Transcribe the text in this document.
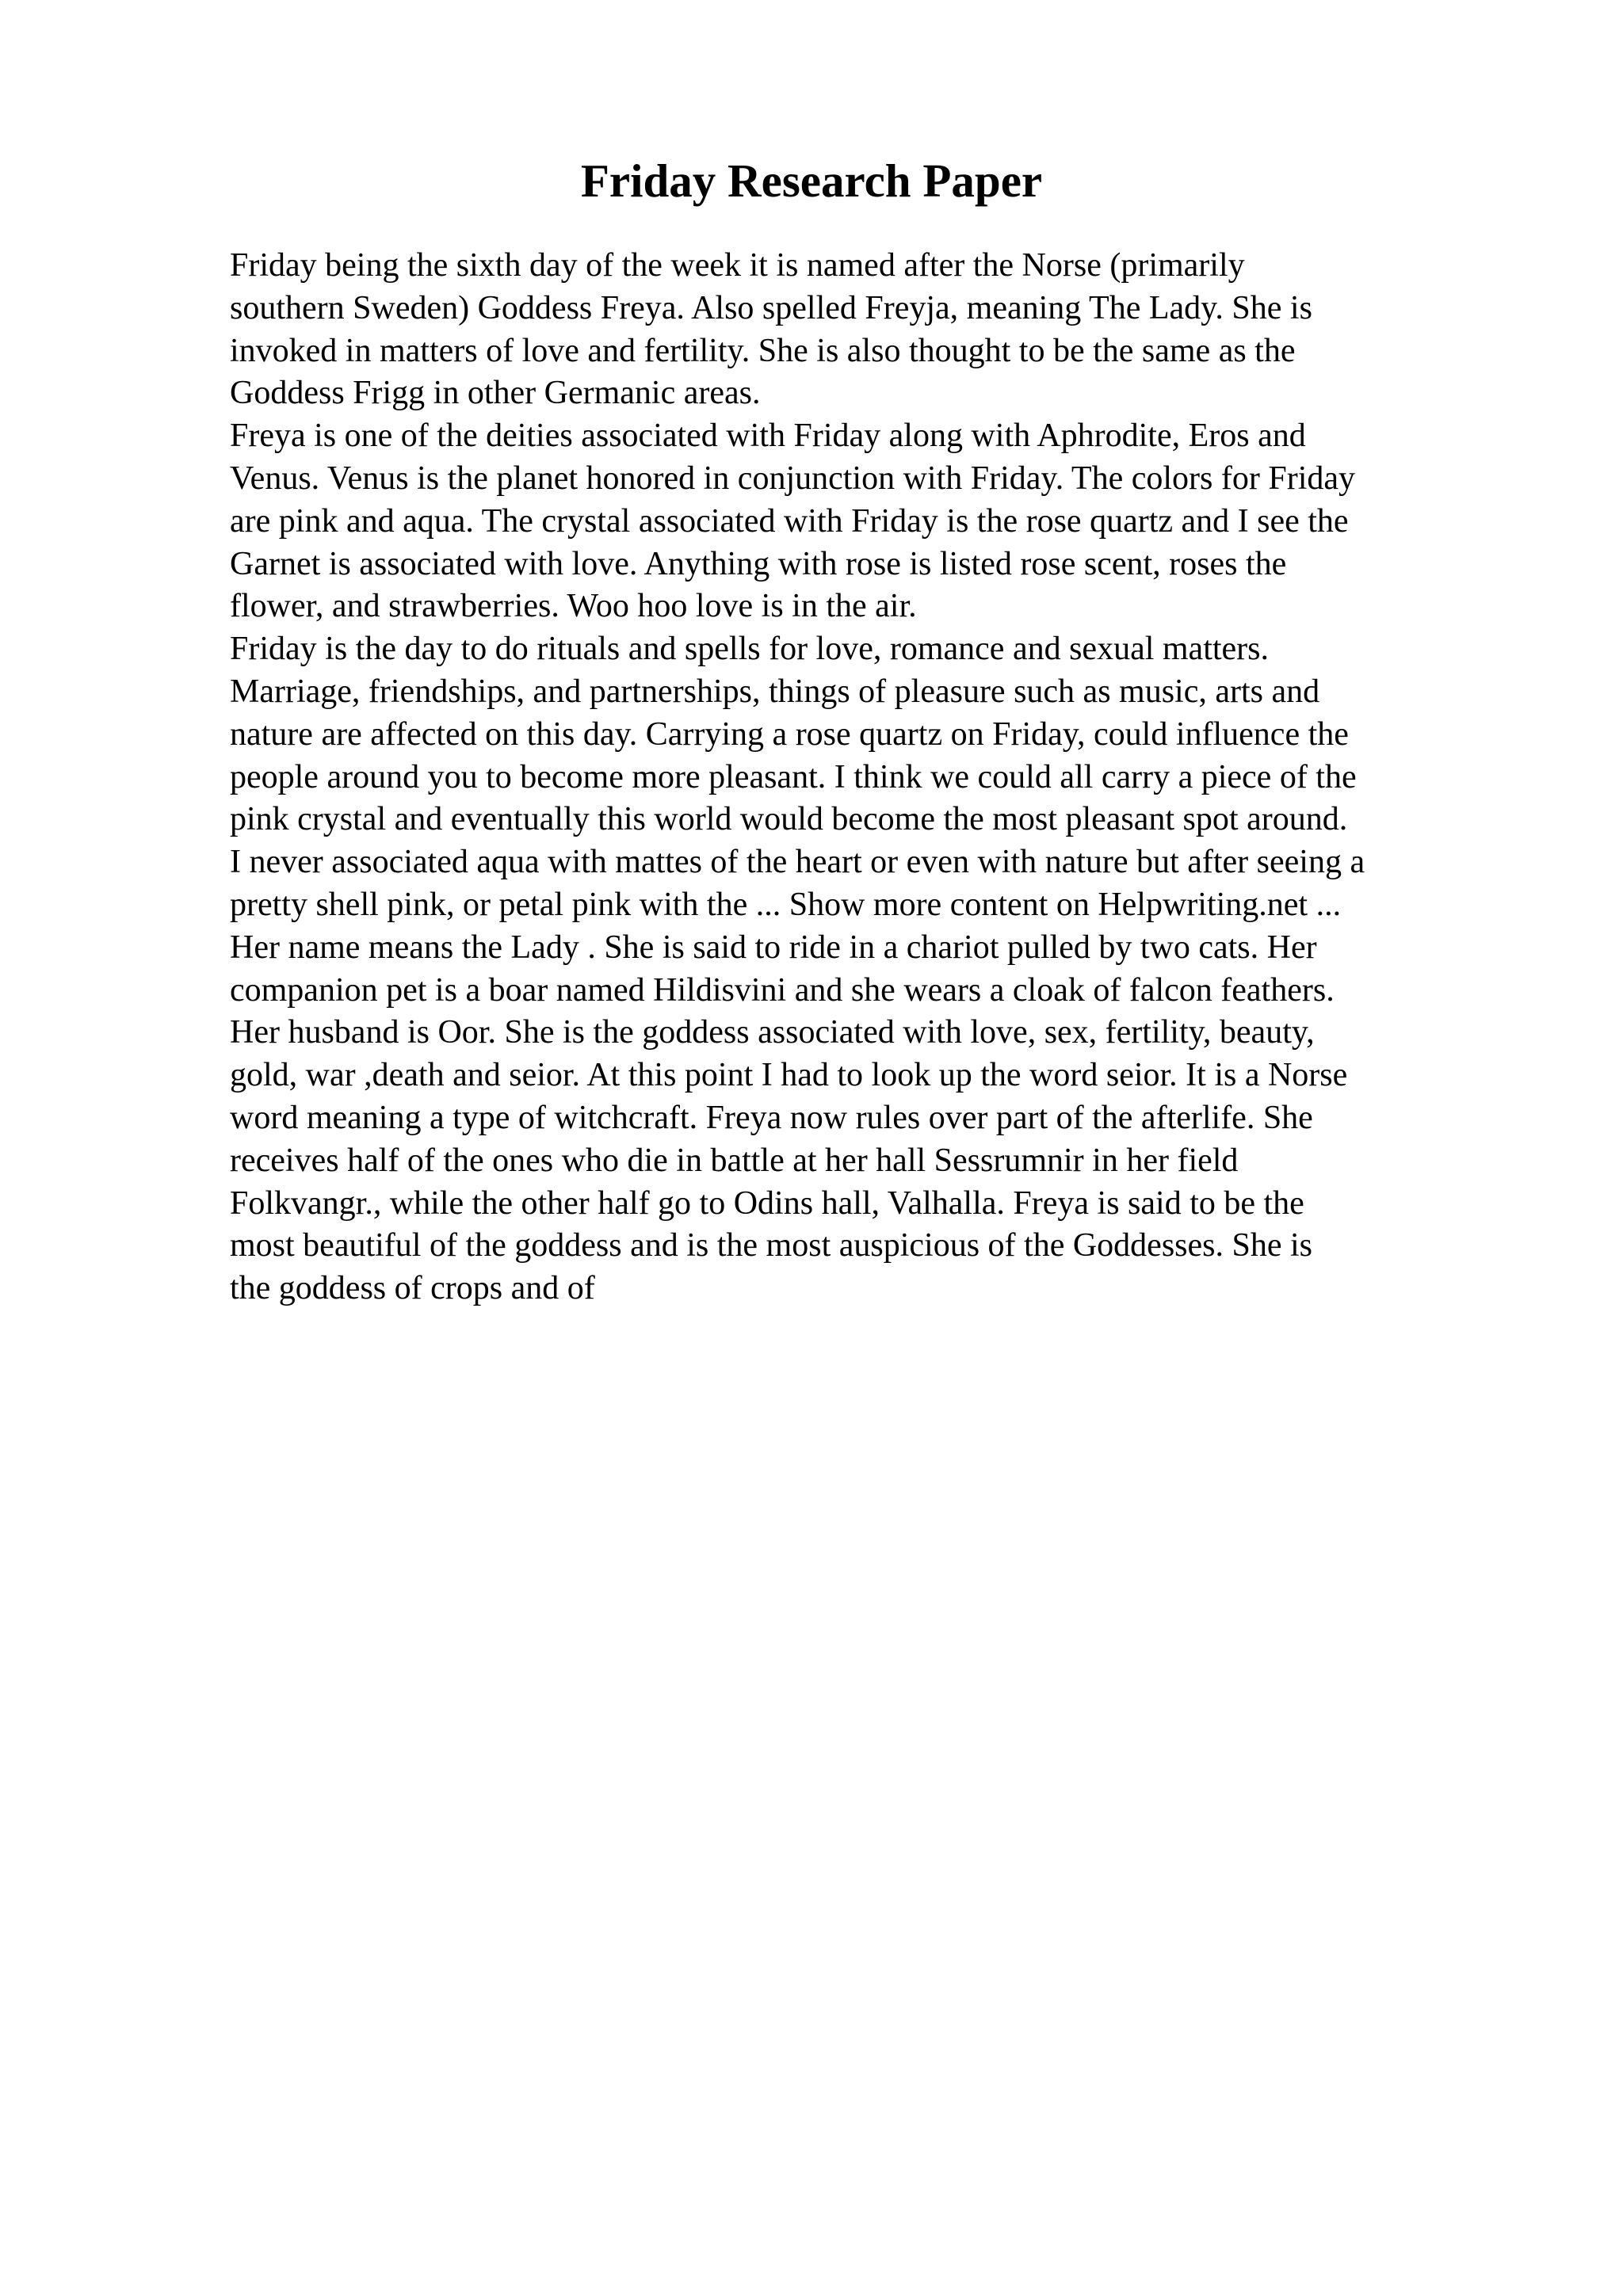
Friday Research Paper
Friday being the sixth day of the week it is named after the Norse (primarily
southern Sweden) Goddess Freya. Also spelled Freyja, meaning The Lady. She is
invoked in matters of love and fertility. She is also thought to be the same as the
Goddess Frigg in other Germanic areas.
Freya is one of the deities associated with Friday along with Aphrodite, Eros and
Venus. Venus is the planet honored in conjunction with Friday. The colors for Friday
are pink and aqua. The crystal associated with Friday is the rose quartz and I see the
Garnet is associated with love. Anything with rose is listed rose scent, roses the
flower, and strawberries. Woo hoo love is in the air.
Friday is the day to do rituals and spells for love, romance and sexual matters.
Marriage, friendships, and partnerships, things of pleasure such as music, arts and
nature are affected on this day. Carrying a rose quartz on Friday, could influence the
people around you to become more pleasant. I think we could all carry a piece of the
pink crystal and eventually this world would become the most pleasant spot around.
I never associated aqua with mattes of the heart or even with nature but after seeing a
pretty shell pink, or petal pink with the ... Show more content on Helpwriting.net ...
Her name means the Lady . She is said to ride in a chariot pulled by two cats. Her
companion pet is a boar named Hildisvini and she wears a cloak of falcon feathers.
Her husband is Oor. She is the goddess associated with love, sex, fertility, beauty,
gold, war ,death and seior. At this point I had to look up the word seior. It is a Norse
word meaning a type of witchcraft. Freya now rules over part of the afterlife. She
receives half of the ones who die in battle at her hall Sessrumnir in her field
Folkvangr., while the other half go to Odins hall, Valhalla. Freya is said to be the
most beautiful of the goddess and is the most auspicious of the Goddesses. She is
the goddess of crops and of
